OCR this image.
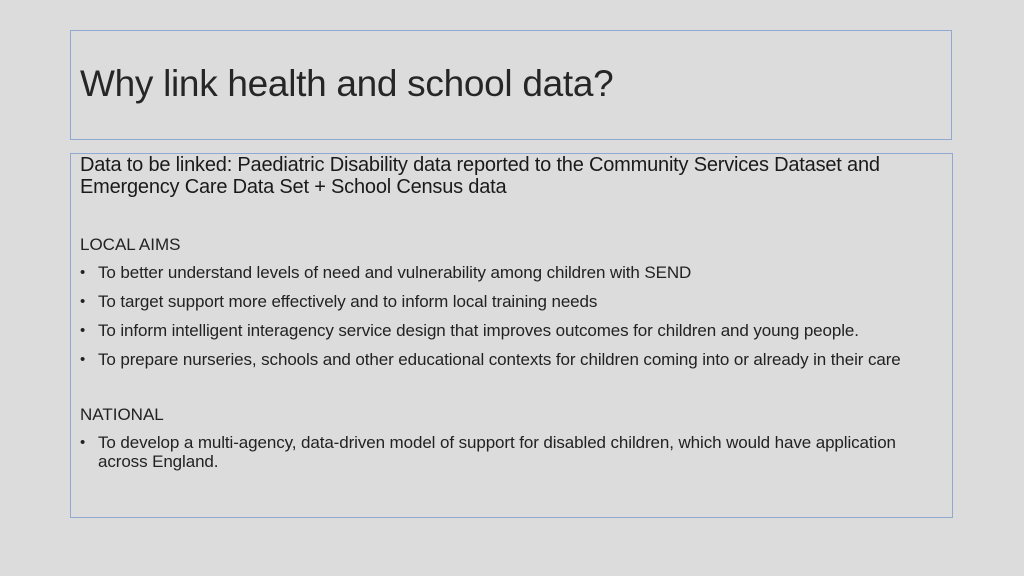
Why link health and school data?
Data to be linked: Paediatric Disability data reported to the Community Services Dataset and Emergency Care Data Set + School Census data
LOCAL AIMS
• To better understand levels of need and vulnerability among children with SEND
• To target support more effectively and to inform local training needs
• To inform intelligent interagency service design that improves outcomes for children and young people.
• To prepare nurseries, schools and other educational contexts for children coming into or already in their care
NATIONAL
• To develop a multi-agency, data-driven model of support for disabled children, which would have application across England.
